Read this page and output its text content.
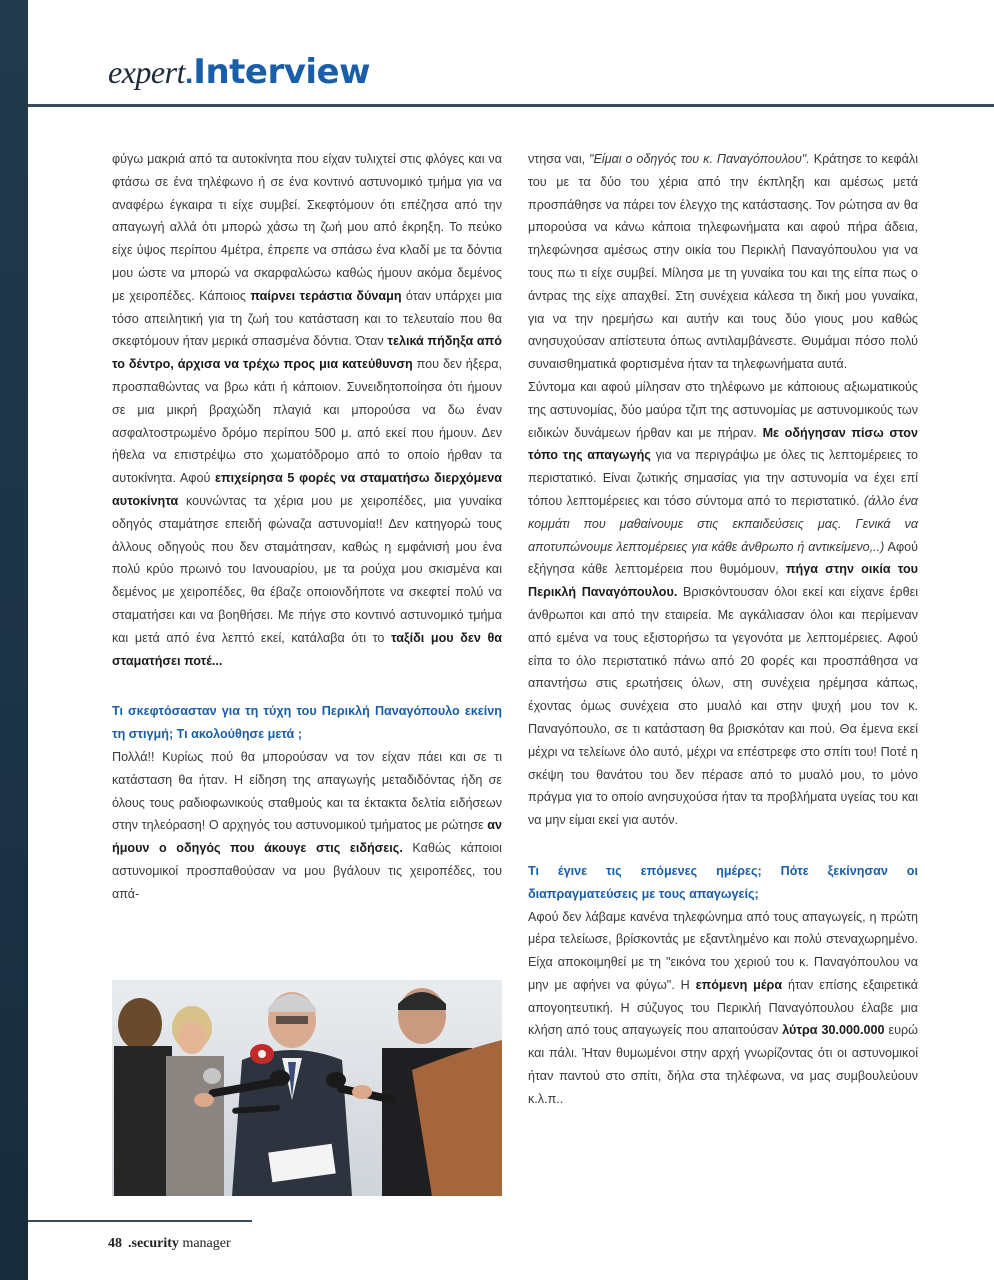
expert.Interview

φύγω μακριά από τα αυτοκίνητα που είχαν τυλιχτεί στις φλόγες και να φτάσω σε ένα τηλέφωνο ή σε ένα κοντινό αστυνομικό τμήμα για να αναφέρω έγκαιρα τι είχε συμβεί. Σκεφτόμουν ότι επέζησα από την απαγωγή αλλά ότι μπορώ χάσω τη ζωή μου από έκρηξη. Το πεύκο είχε ύψος περίπου 4μέτρα, έπρεπε να σπάσω ένα κλαδί με τα δόντια μου ώστε να μπορώ να σκαρφαλώσω καθώς ήμουν ακόμα δεμένος με χειροπέδες. Κάποιος παίρνει τεράστια δύναμη όταν υπάρχει μια τόσο απειλητική για τη ζωή του κατάσταση και το τελευταίο που θα σκεφτόμουν ήταν μερικά σπασμένα δόντια. Όταν τελικά πήδηξα από το δέντρο, άρχισα να τρέχω προς μια κατεύθυνση που δεν ήξερα, προσπαθώντας να βρω κάτι ή κάποιον. Συνειδητοποίησα ότι ήμουν σε μια μικρή βραχώδη πλαγιά και μπορούσα να δω έναν ασφαλτοστρωμένο δρόμο περίπου 500 μ. από εκεί που ήμουν. Δεν ήθελα να επιστρέψω στο χωματόδρομο από το οποίο ήρθαν τα αυτοκίνητα. Αφού επιχείρησα 5 φορές να σταματήσω διερχόμενα αυτοκίνητα κουνώντας τα χέρια μου με χειροπέδες, μια γυναίκα οδηγός σταμάτησε επειδή φώναζα αστυνομία!! Δεν κατηγορώ τους άλλους οδηγούς που δεν σταμάτησαν, καθώς η εμφάνισή μου ένα πολύ κρύο πρωινό του Ιανουαρίου, με τα ρούχα μου σκισμένα και δεμένος με χειροπέδες, θα έβαζε οποιονδήποτε να σκεφτεί πολύ να σταματήσει και να βοηθήσει. Με πήγε στο κοντινό αστυνομικό τμήμα και μετά από ένα λεπτό εκεί, κατάλαβα ότι το ταξίδι μου δεν θα σταματήσει ποτέ...

Τι σκεφτόσασταν για τη τύχη του Περικλή Παναγόπουλο εκείνη τη στιγμή; Τι ακολούθησε μετά ;

Πολλά!! Κυρίως πού θα μπορούσαν να τον είχαν πάει και σε τι κατάσταση θα ήταν. Η είδηση της απαγωγής μεταδιδόντας ήδη σε όλους τους ραδιοφωνικούς σταθμούς και τα έκτακτα δελτία ειδήσεων στην τηλεόραση! Ο αρχηγός του αστυνομικού τμήματος με ρώτησε αν ήμουν ο οδηγός που άκουγε στις ειδήσεις. Καθώς κάποιοι αστυνομικοί προσπαθούσαν να μου βγάλουν τις χειροπέδες, του απά-

ντησα ναι, "Είμαι ο οδηγός του κ. Παναγόπουλου". Κράτησε το κεφάλι του με τα δύο του χέρια από την έκπληξη και αμέσως μετά προσπάθησε να πάρει τον έλεγχο της κατάστασης. Τον ρώτησα αν θα μπορούσα να κάνω κάποια τηλεφωνήματα και αφού πήρα άδεια, τηλεφώνησα αμέσως στην οικία του Περικλή Παναγόπουλου για να τους πω τι είχε συμβεί. Μίλησα με τη γυναίκα του και της είπα πως ο άντρας της είχε απαχθεί. Στη συνέχεια κάλεσα τη δική μου γυναίκα, για να την ηρεμήσω και αυτήν και τους δύο γιους μου καθώς ανησυχούσαν απίστευτα όπως αντιλαμβάνεστε. Θυμάμαι πόσο πολύ συναισθηματικά φορτισμένα ήταν τα τηλεφωνήματα αυτά.

Σύντομα και αφού μίλησαν στο τηλέφωνο με κάποιους αξιωματικούς της αστυνομίας, δύο μαύρα τζιπ της αστυνομίας με αστυνομικούς των ειδικών δυνάμεων ήρθαν και με πήραν. Με οδήγησαν πίσω στον τόπο της απαγωγής για να περιγράψω με όλες τις λεπτομέρειες το περιστατικό. Είναι ζωτικής σημασίας για την αστυνομία να έχει επί τόπου λεπτομέρειες και τόσο σύντομα από το περιστατικό. (άλλο ένα κομμάτι που μαθαίνουμε στις εκπαιδεύσεις μας. Γενικά να αποτυπώνουμε λεπτομέρειες για κάθε άνθρωπο ή αντικείμενο,..) Αφού εξήγησα κάθε λεπτομέρεια που θυμόμουν, πήγα στην οικία του Περικλή Παναγόπουλου. Βρισκόντουσαν όλοι εκεί και είχανε έρθει άνθρωποι και από την εταιρεία. Με αγκάλιασαν όλοι και περίμεναν από εμένα να τους εξιστορήσω τα γεγονότα με λεπτομέρειες. Αφού είπα το όλο περιστατικό πάνω από 20 φορές και προσπάθησα να απαντήσω στις ερωτήσεις όλων, στη συνέχεια ηρέμησα κάπως, έχοντας όμως συνέχεια στο μυαλό και στην ψυχή μου τον κ. Παναγόπουλο, σε τι κατάσταση θα βρισκόταν και πού. Θα έμενα εκεί μέχρι να τελείωνε όλο αυτό, μέχρι να επέστρεφε στο σπίτι του! Ποτέ η σκέψη του θανάτου του δεν πέρασε από το μυαλό μου, το μόνο πράγμα για το οποίο ανησυχούσα ήταν τα προβλήματα υγείας του και να μην είμαι εκεί για αυτόν.

Τι έγινε τις επόμενες ημέρες; Πότε ξεκίνησαν οι διαπραγματεύσεις με τους απαγωγείς;

Αφού δεν λάβαμε κανένα τηλεφώνημα από τους απαγωγείς, η πρώτη μέρα τελείωσε, βρίσκοντάς με εξαντλημένο και πολύ στεναχωρημένο. Είχα αποκοιμηθεί με τη "εικόνα του χεριού του κ. Παναγόπουλου να μην με αφήνει να φύγω". Η επόμενη μέρα ήταν επίσης εξαιρετικά απογοητευτική. Η σύζυγος του Περικλή Παναγόπουλου έλαβε μια κλήση από τους απαγωγείς που απαιτούσαν λύτρα 30.000.000 ευρώ και πάλι. Ήταν θυμωμένοι στην αρχή γνωρίζοντας ότι οι αστυνομικοί ήταν παντού στο σπίτι, δήλα στα τηλέφωνα, να μας συμβουλεύουν κ.λ.π..

48 .security manager
